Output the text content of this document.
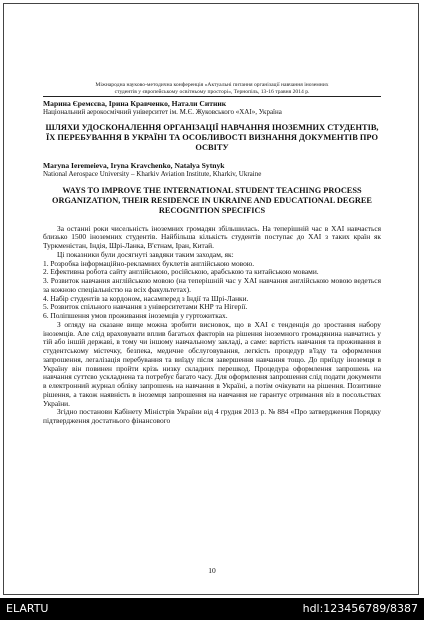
Міжнародна науково-методична конференція «Актуальні питання організації навчання іноземних
студентів у європейському освітньому просторі», Тернопіль, 13-16 травня 2014 р.
Марина Єремєєва, Ірина Кравченко, Натали Ситник
Національний аерокосмічний університет ім. М.Є. Жуковського «ХАІ», Україна
ШЛЯХИ УДОСКОНАЛЕННЯ ОРГАНІЗАЦІЇ НАВЧАННЯ ІНОЗЕМНИХ СТУДЕНТІВ, ЇХ ПЕРЕБУВАННЯ В УКРАЇНІ ТА ОСОБЛИВОСТІ ВИЗНАННЯ ДОКУМЕНТІВ ПРО ОСВІТУ
Maryna Ieremeieva, Iryna Kravchenko, Natalya Sytnyk
National Aerospace University – Kharkiv Aviation Institute, Kharkiv, Ukraine
WAYS TO IMPROVE THE INTERNATIONAL STUDENT TEACHING PROCESS ORGANIZATION, THEIR RESIDENCE IN UKRAINE AND EDUCATIONAL DEGREE RECOGNITION SPECIFICS

За останні роки чисельність іноземних громадян збільшилась. На теперішній час в ХАІ навчається близько 1500 іноземних студентів. Найбільша кількість студентів поступає до ХАІ з таких країн як Туркменістан, Індія, Шрі-Ланка, В'єтнам, Іран, Китай.

Ці показники були досягнуті завдяки таким заходам, як:

1. Розробка інформаційно-рекламних буклетів англійською мовою.

2. Ефективна робота сайту англійською, російською, арабською та китайською мовами.

3. Розвиток навчання англійською мовою (на теперішній час у ХАІ навчання англійською мовою ведеться за кожною спеціальністю на всіх факультетах).

4. Набір студентів за кордоном, насамперед з Індії та Шрі-Ланки.

5. Розвиток спільного навчання з університетами КНР та Нігерії.

6. Поліпшення умов проживання іноземців у гуртожитках.

З огляду на сказане вище можна зробити висновок, що в ХАІ є тенденція до зростання набору іноземців. Але слід враховувати вплив багатьох факторів на рішення іноземного громадянина навчатись у тій або іншій державі, в тому чи іншому навчальному закладі, а саме: вартість навчання та проживання в студентському містечку, безпека, медичне обслуговування, легкість процедур в'їзду та оформлення запрошення, легалізація перебування та виїзду після завершення навчання тощо. До приїзду іноземця в Україну він повинен пройти крізь низку складних перешкод. Процедура оформлення запрошень на навчання суттєво ускладнена та потребує багато часу. Для оформлення запрошення слід подати документи в електронний журнал обліку запрошень на навчання в Україні, а потім очікувати на рішення. Позитивне рішення, а також наявність в іноземця запрошення на навчання не гарантує отримання віз в посольствах України.

Згідно постанови Кабінету Міністрів України від 4 грудня 2013 р. № 884 «Про затвердження Порядку підтвердження достатнього фінансового

10
ELARTU	hdl:123456789/8387
